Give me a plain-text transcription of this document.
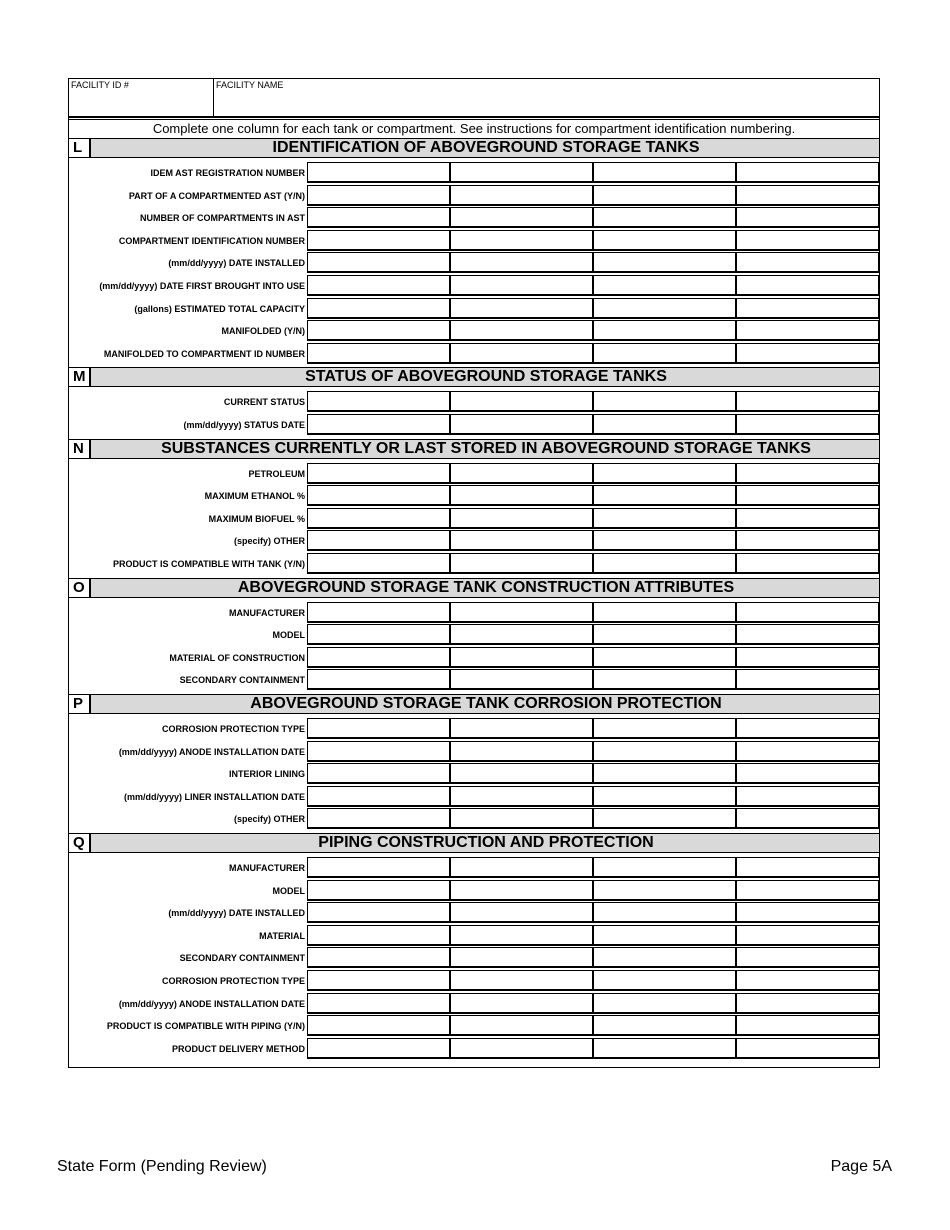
FACILITY ID #	FACILITY NAME
Complete one column for each tank or compartment. See instructions for compartment identification numbering.
L	IDENTIFICATION OF ABOVEGROUND STORAGE TANKS
IDEM AST REGISTRATION NUMBER
PART OF A COMPARTMENTED AST (Y/N)
NUMBER OF COMPARTMENTS IN AST
COMPARTMENT IDENTIFICATION NUMBER
(mm/dd/yyyy) DATE INSTALLED
(mm/dd/yyyy) DATE FIRST BROUGHT INTO USE
(gallons) ESTIMATED TOTAL CAPACITY
MANIFOLDED (Y/N)
MANIFOLDED TO COMPARTMENT ID NUMBER
M	STATUS OF ABOVEGROUND STORAGE TANKS
CURRENT STATUS
(mm/dd/yyyy) STATUS DATE
N	SUBSTANCES CURRENTLY OR LAST STORED IN ABOVEGROUND STORAGE TANKS
PETROLEUM
MAXIMUM ETHANOL %
MAXIMUM BIOFUEL %
(specify) OTHER
PRODUCT IS COMPATIBLE WITH TANK (Y/N)
O	ABOVEGROUND STORAGE TANK CONSTRUCTION ATTRIBUTES
MANUFACTURER
MODEL
MATERIAL OF CONSTRUCTION
SECONDARY CONTAINMENT
P	ABOVEGROUND STORAGE TANK CORROSION PROTECTION
CORROSION PROTECTION TYPE
(mm/dd/yyyy) ANODE INSTALLATION DATE
INTERIOR LINING
(mm/dd/yyyy) LINER INSTALLATION DATE
(specify) OTHER
Q	PIPING CONSTRUCTION AND PROTECTION
MANUFACTURER
MODEL
(mm/dd/yyyy) DATE INSTALLED
MATERIAL
SECONDARY CONTAINMENT
CORROSION PROTECTION TYPE
(mm/dd/yyyy) ANODE INSTALLATION DATE
PRODUCT IS COMPATIBLE WITH PIPING (Y/N)
PRODUCT DELIVERY METHOD
State Form (Pending Review)	Page 5A
